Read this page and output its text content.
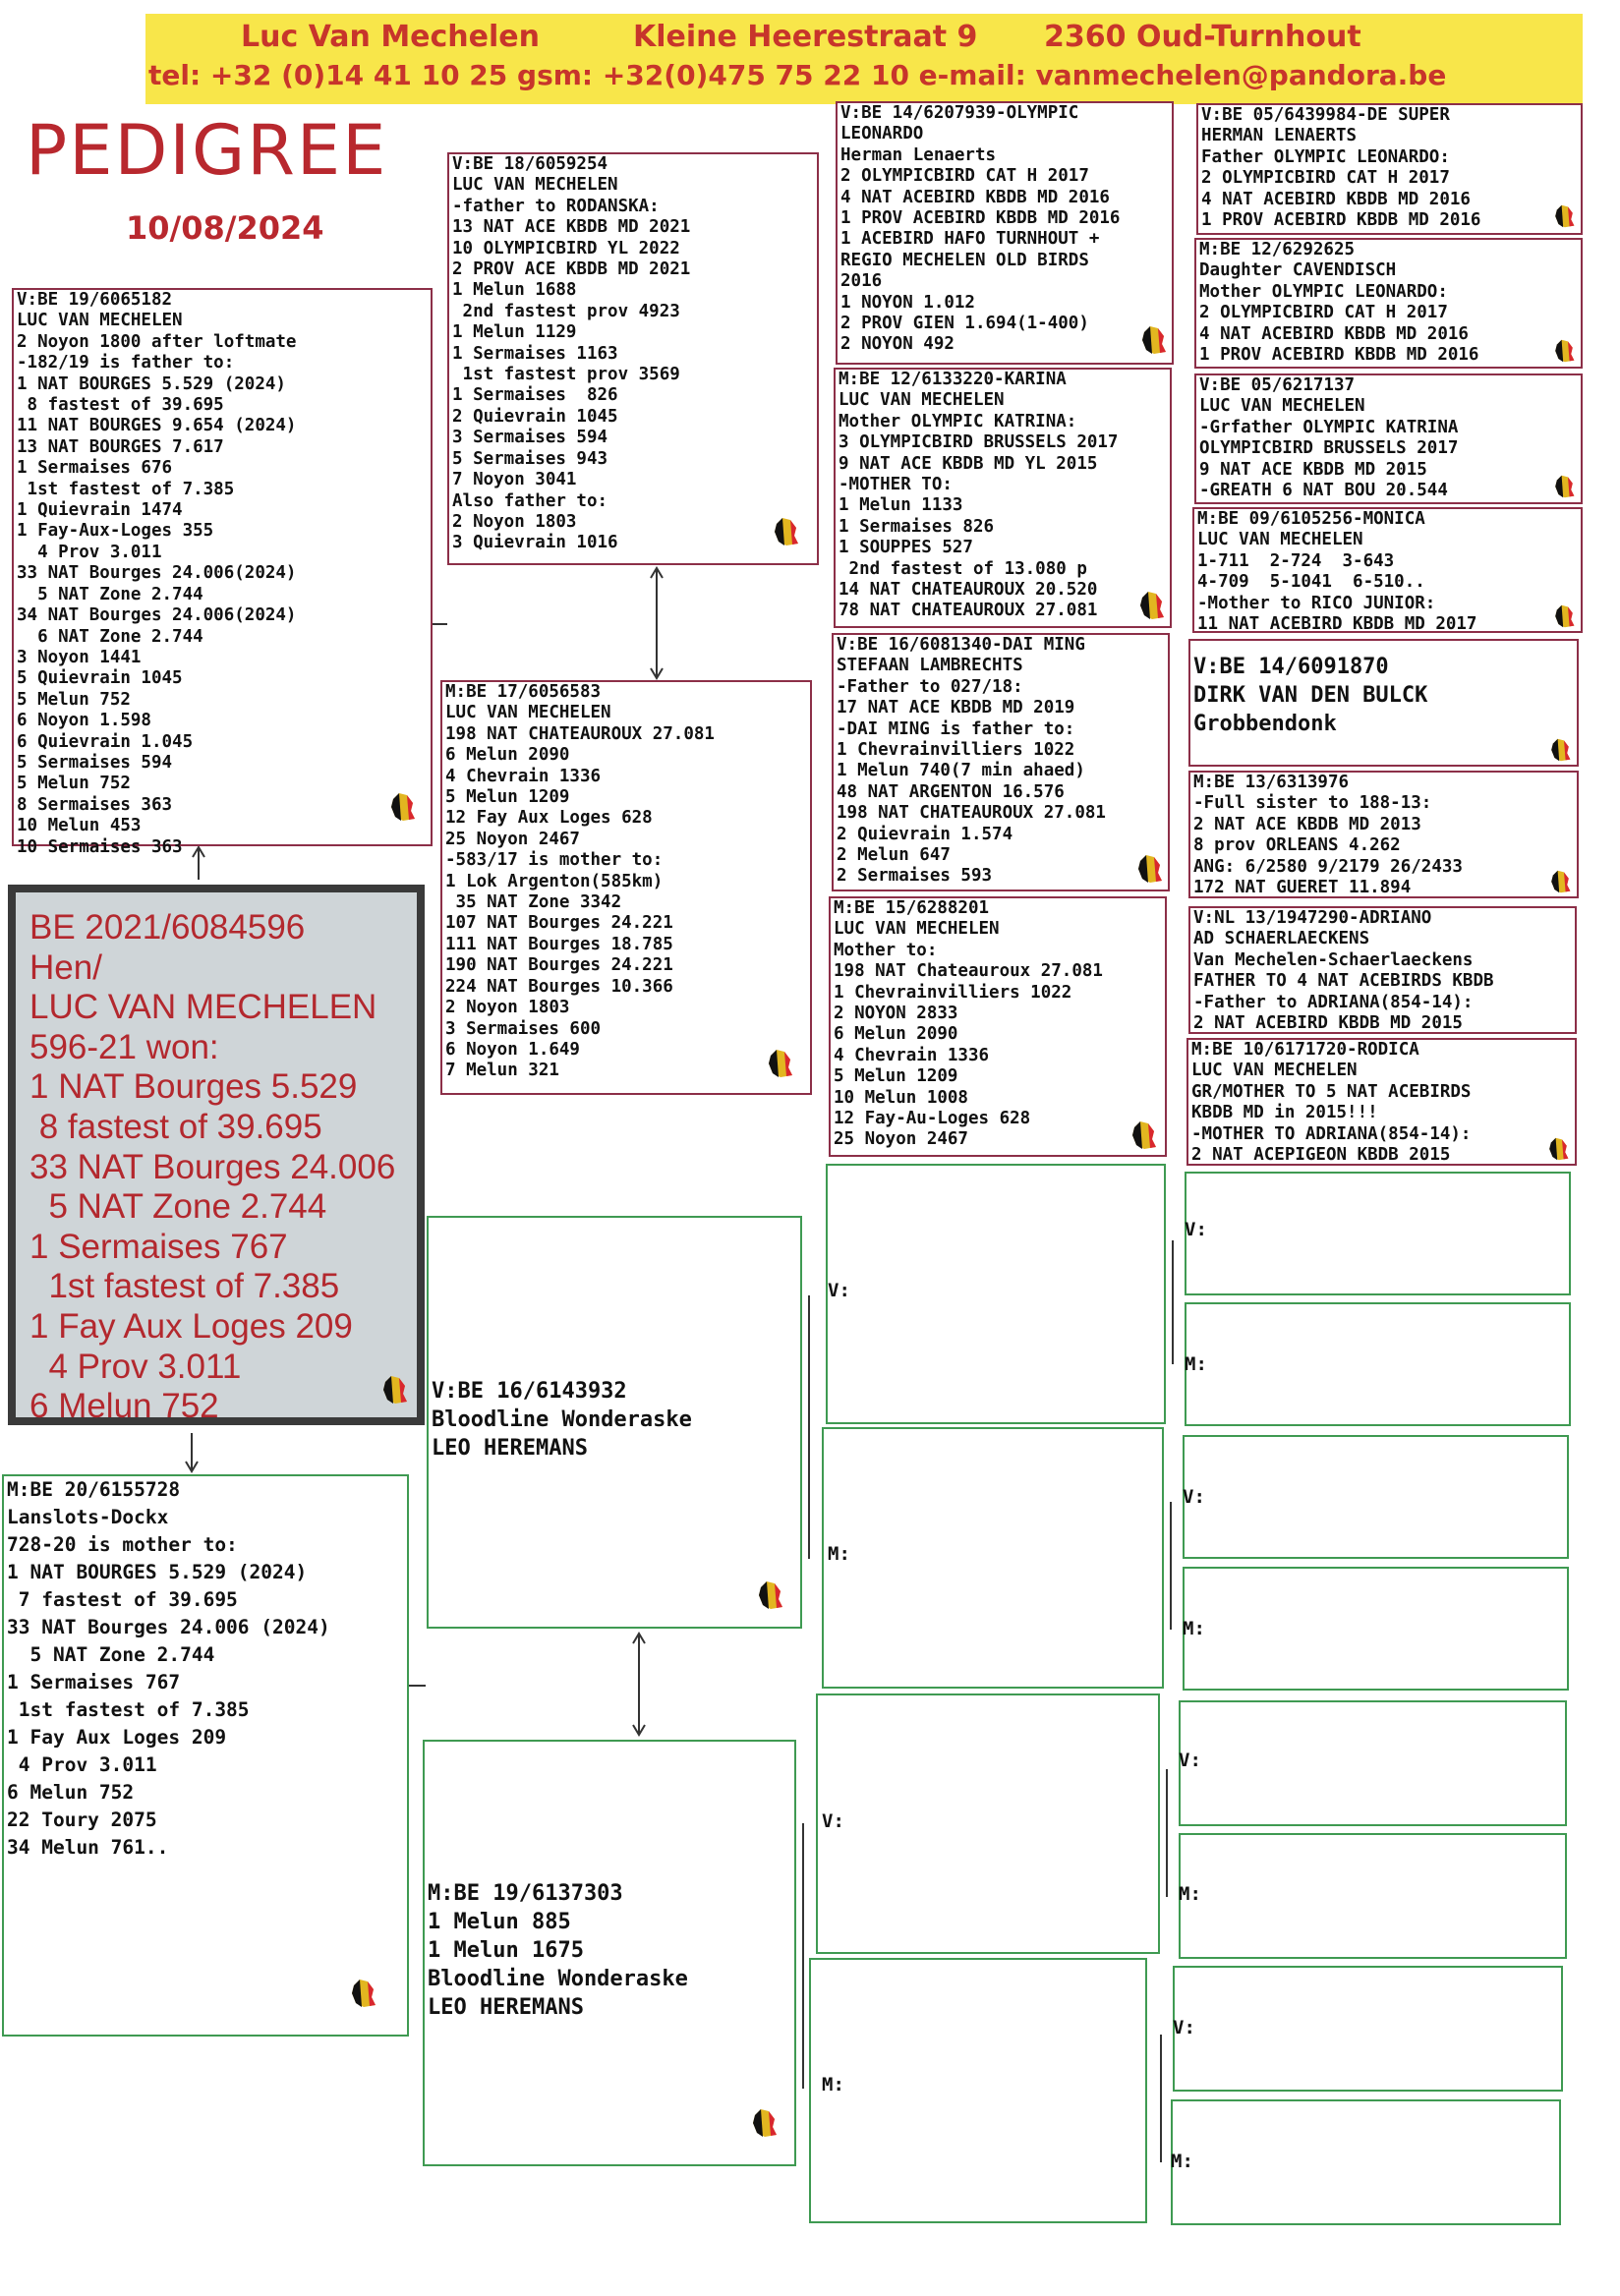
Luc Van Mechelen	Kleine Heerestraat 9 2360 Oud-Turnhout
tel: +32 (0)14 41 10 25 gsm: +32(0)475 75 22 10 e-mail: vanmechelen@pandora.be
PEDIGREE
10/08/2024
V:BE 19/6065182
LUC VAN MECHELEN
2 Noyon 1800 after loftmate
-182/19 is father to:
1 NAT BOURGES 5.529 (2024)
8 fastest of 39.695
11 NAT BOURGES 9.654 (2024)
13 NAT BOURGES 7.617
1 Sermaises 676
1st fastest of 7.385
1 Quievrain 1474
1 Fay-Aux-Loges 355
4 Prov 3.011
33 NAT Bourges 24.006(2024)
5 NAT Zone 2.744
34 NAT Bourges 24.006(2024)
6 NAT Zone 2.744
3 Noyon 1441
5 Quievrain 1045
5 Melun 752
6 Noyon 1.598
6 Quievrain 1.045
5 Sermaises 594
5 Melun 752
8 Sermaises 363
10 Melun 453
10 Sermaises 363
BE 2021/6084596
Hen/
LUC VAN MECHELEN
596-21 won:
1 NAT Bourges 5.529
8 fastest of 39.695
33 NAT Bourges 24.006
5 NAT Zone 2.744
1 Sermaises 767
1st fastest of 7.385
1 Fay Aux Loges 209
4 Prov 3.011
6 Melun 752
M:BE 20/6155728
Lanslots-Dockx
728-20 is mother to:
1 NAT BOURGES 5.529 (2024)
7 fastest of 39.695
33 NAT Bourges 24.006 (2024)
5 NAT Zone 2.744
1 Sermaises 767
1st fastest of 7.385
1 Fay Aux Loges 209
4 Prov 3.011
6 Melun 752
22 Toury 2075
34 Melun 761..
V:BE 18/6059254
LUC VAN MECHELEN
-father to RODANSKA:
13 NAT ACE KBDB MD 2021
10 OLYMPICBIRD YL 2022
2 PROV ACE KBDB MD 2021
1 Melun 1688
2nd fastest prov 4923
1 Melun 1129
1 Sermaises 1163
1st fastest prov 3569
1 Sermaises  826
2 Quievrain 1045
3 Sermaises 594
5 Sermaises 943
7 Noyon 3041
Also father to:
2 Noyon 1803
3 Quievrain 1016
M:BE 17/6056583
LUC VAN MECHELEN
198 NAT CHATEAUROUX 27.081
6 Melun 2090
4 Chevrain 1336
5 Melun 1209
12 Fay Aux Loges 628
25 Noyon 2467
-583/17 is mother to:
1 Lok Argenton(585km)
35 NAT Zone 3342
107 NAT Bourges 24.221
111 NAT Bourges 18.785
190 NAT Bourges 24.221
224 NAT Bourges 10.366
2 Noyon 1803
3 Sermaises 600
6 Noyon 1.649
7 Melun 321
V:BE 16/6143932
Bloodline Wonderaske
LEO HEREMANS
M:BE 19/6137303
1 Melun 885
1 Melun 1675
Bloodline Wonderaske
LEO HEREMANS
V:BE 14/6207939-OLYMPIC
LEONARDO
Herman Lenaerts
2 OLYMPICBIRD CAT H 2017
4 NAT ACEBIRD KBDB MD 2016
1 PROV ACEBIRD KBDB MD 2016
1 ACEBIRD HAFO TURNHOUT +
REGIO MECHELEN OLD BIRDS
2016
1 NOYON 1.012
2 PROV GIEN 1.694(1-400)
2 NOYON 492
M:BE 12/6133220-KARINA
LUC VAN MECHELEN
Mother OLYMPIC KATRINA:
3 OLYMPICBIRD BRUSSELS 2017
9 NAT ACE KBDB MD YL 2015
-MOTHER TO:
1 Melun 1133
1 Sermaises 826
1 SOUPPES 527
2nd fastest of 13.080 p
14 NAT CHATEAUROUX 20.520
78 NAT CHATEAUROUX 27.081
V:BE 16/6081340-DAI MING
STEFAAN LAMBRECHTS
-Father to 027/18:
17 NAT ACE KBDB MD 2019
-DAI MING is father to:
1 Chevrainvilliers 1022
1 Melun 740(7 min ahaed)
48 NAT ARGENTON 16.576
198 NAT CHATEAUROUX 27.081
2 Quievrain 1.574
2 Melun 647
2 Sermaises 593
M:BE 15/6288201
LUC VAN MECHELEN
Mother to:
198 NAT Chateauroux 27.081
1 Chevrainvilliers 1022
2 NOYON 2833
6 Melun 2090
4 Chevrain 1336
5 Melun 1209
10 Melun 1008
12 Fay-Au-Loges 628
25 Noyon 2467
V:
M:
V:
M:
V:BE 05/6439984-DE SUPER
HERMAN LENAERTS
Father OLYMPIC LEONARDO:
2 OLYMPICBIRD CAT H 2017
4 NAT ACEBIRD KBDB MD 2016
1 PROV ACEBIRD KBDB MD 2016
M:BE 12/6292625
Daughter CAVENDISCH
Mother OLYMPIC LEONARDO:
2 OLYMPICBIRD CAT H 2017
4 NAT ACEBIRD KBDB MD 2016
1 PROV ACEBIRD KBDB MD 2016
V:BE 05/6217137
LUC VAN MECHELEN
-Grfather OLYMPIC KATRINA
OLYMPICBIRD BRUSSELS 2017
9 NAT ACE KBDB MD 2015
-GREATH 6 NAT BOU 20.544
M:BE 09/6105256-MONICA
LUC VAN MECHELEN
1-711  2-724  3-643
4-709  5-1041  6-510..
-Mother to RICO JUNIOR:
11 NAT ACEBIRD KBDB MD 2017
V:BE 14/6091870
DIRK VAN DEN BULCK
Grobbendonk
M:BE 13/6313976
-Full sister to 188-13:
2 NAT ACE KBDB MD 2013
8 prov ORLEANS 4.262
ANG: 6/2580 9/2179 26/2433
172 NAT GUERET 11.894
V:NL 13/1947290-ADRIANO
AD SCHAERLAECKENS
Van Mechelen-Schaerlaeckens
FATHER TO 4 NAT ACEBIRDS KBDB
-Father to ADRIANA(854-14):
2 NAT ACEBIRD KBDB MD 2015
M:BE 10/6171720-RODICA
LUC VAN MECHELEN
GR/MOTHER TO 5 NAT ACEBIRDS
KBDB MD in 2015!!!
-MOTHER TO ADRIANA(854-14):
2 NAT ACEPIGEON KBDB 2015
V:
M:
V:
M:
V:
M:
V:
M:
